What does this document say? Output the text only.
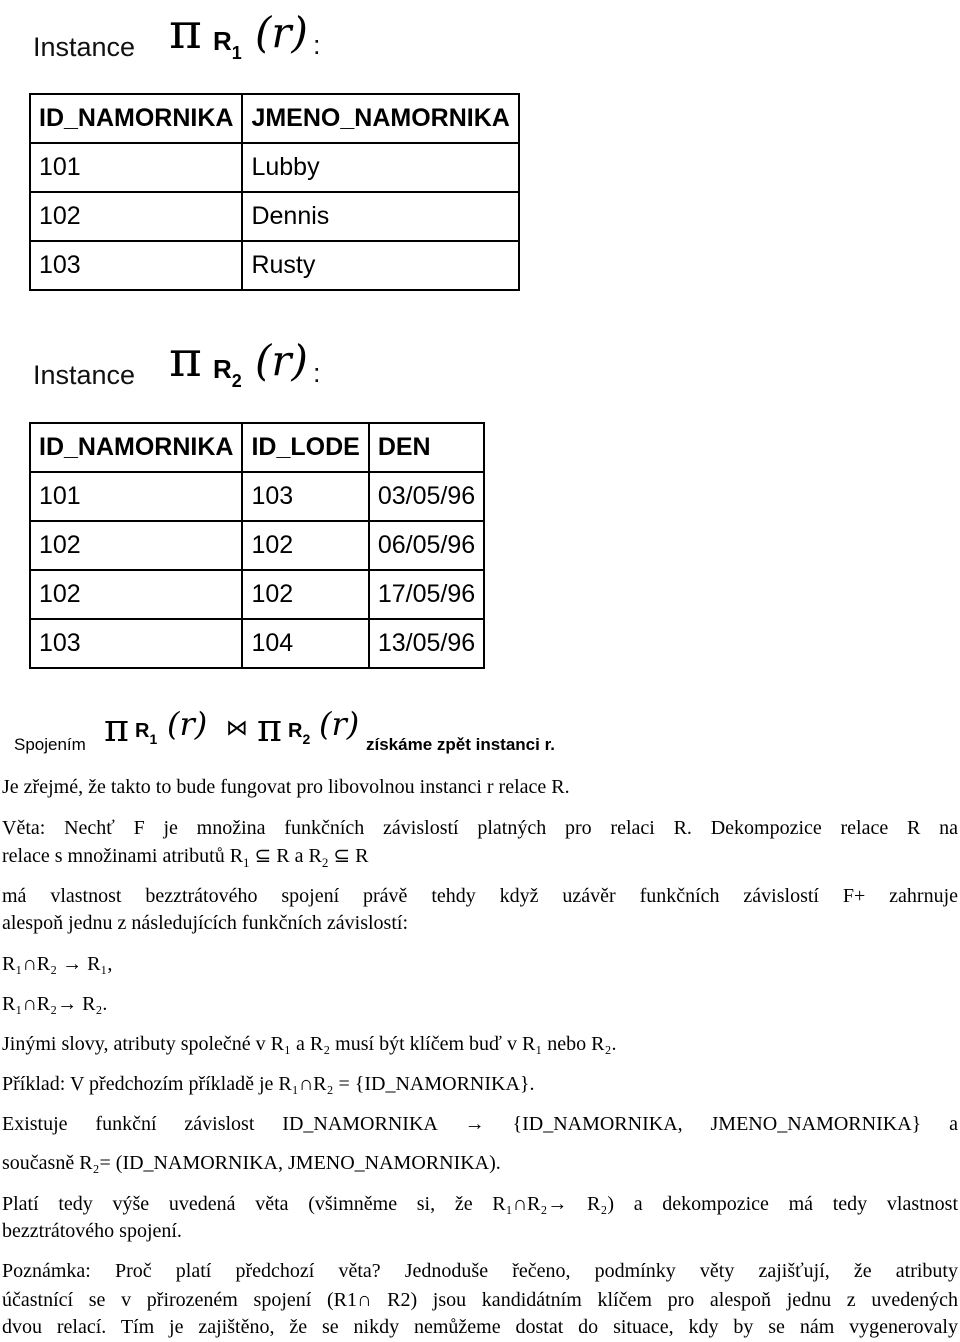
Instance π R1 (r) :
ID_NAMORNIKA	JMENO_NAMORNIKA
101	Lubby
102	Dennis
103	Rusty
Instance π R2 (r) :
ID_NAMORNIKA	ID_LODE	DEN
101	103	03/05/96
102	102	06/05/96
102	102	17/05/96
103	104	13/05/96
Spojením π R1 (r) ⋈ π R2 (r)
získáme zpět instanci r.

Je zřejmé, že takto to bude fungovat pro libovolnou instanci r relace R.

Věta: Nechť F je množina funkčních závislostí platných pro relaci R. Dekompozice relace R na

relace s množinami atributů $R_1$ ⊆ R a $R_2$ ⊆ R

má vlastnost bezztrátového spojení právě tehdy když uzávěr funkčních závislostí F+ zahrnuje

alespoň jednu z následujících funkčních závislostí:

R₁∩R₂ → R₁,

R₁∩R₂→ R₂.

Jinými slovy, atributy společné v R₁ a R₂ musí být klíčem buď v R₁ nebo R₂.

Příklad: V předchozím příkladě je R₁∩R₂ = {ID_NAMORNIKA}.

Existuje funkční závislost ID_NAMORNIKA → {ID_NAMORNIKA, JMENO_NAMORNIKA} a

současně R₂= (ID_NAMORNIKA, JMENO_NAMORNIKA).

Platí tedy výše uvedená věta (všimněme si, že R₁∩R₂→ R₂) a dekompozice má tedy vlastnost

bezztrátového spojení.

Poznámka: Proč platí předchozí věta? Jednoduše řečeno, podmínky věty zajišťují, že atributy

účastnící se v přirozeném spojení (R1∩ R2) jsou kandidátním klíčem pro alespoň jednu z uvedených

dvou relací. Tím je zajištěno, že se nikdy nemůžeme dostat do situace, kdy by se nám vygenerovaly
